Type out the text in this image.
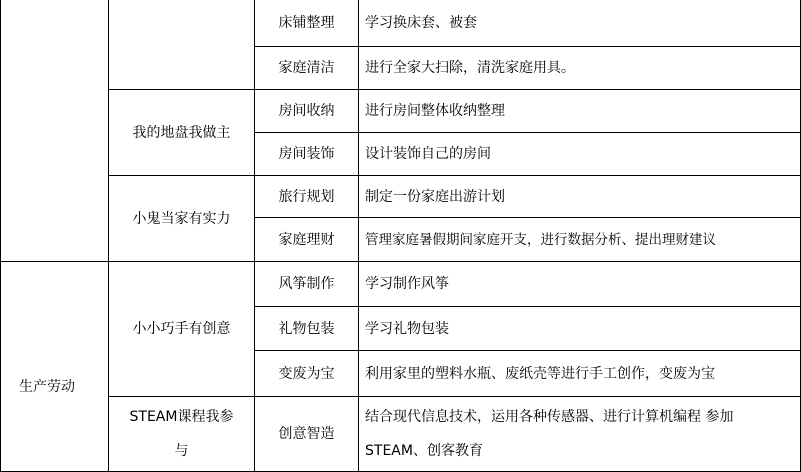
生产劳动
我的地盘我做主
小鬼当家有实力
小小巧手有创意
STEAM课程我参与
床铺整理
家庭清洁
房间收纳
房间装饰
旅行规划
家庭理财
风筝制作
礼物包装
变废为宝
创意智造
学习换床套、被套
进行全家大扫除，清洗家庭用具。
进行房间整体收纳整理
设计装饰自己的房间
制定一份家庭出游计划
管理家庭暑假期间家庭开支，进行数据分析、提出理财建议
学习制作风筝
学习礼物包装
利用家里的塑料水瓶、废纸壳等进行手工创作，变废为宝
结合现代信息技术，运用各种传感器、进行计算机编程 参加STEAM、创客教育
